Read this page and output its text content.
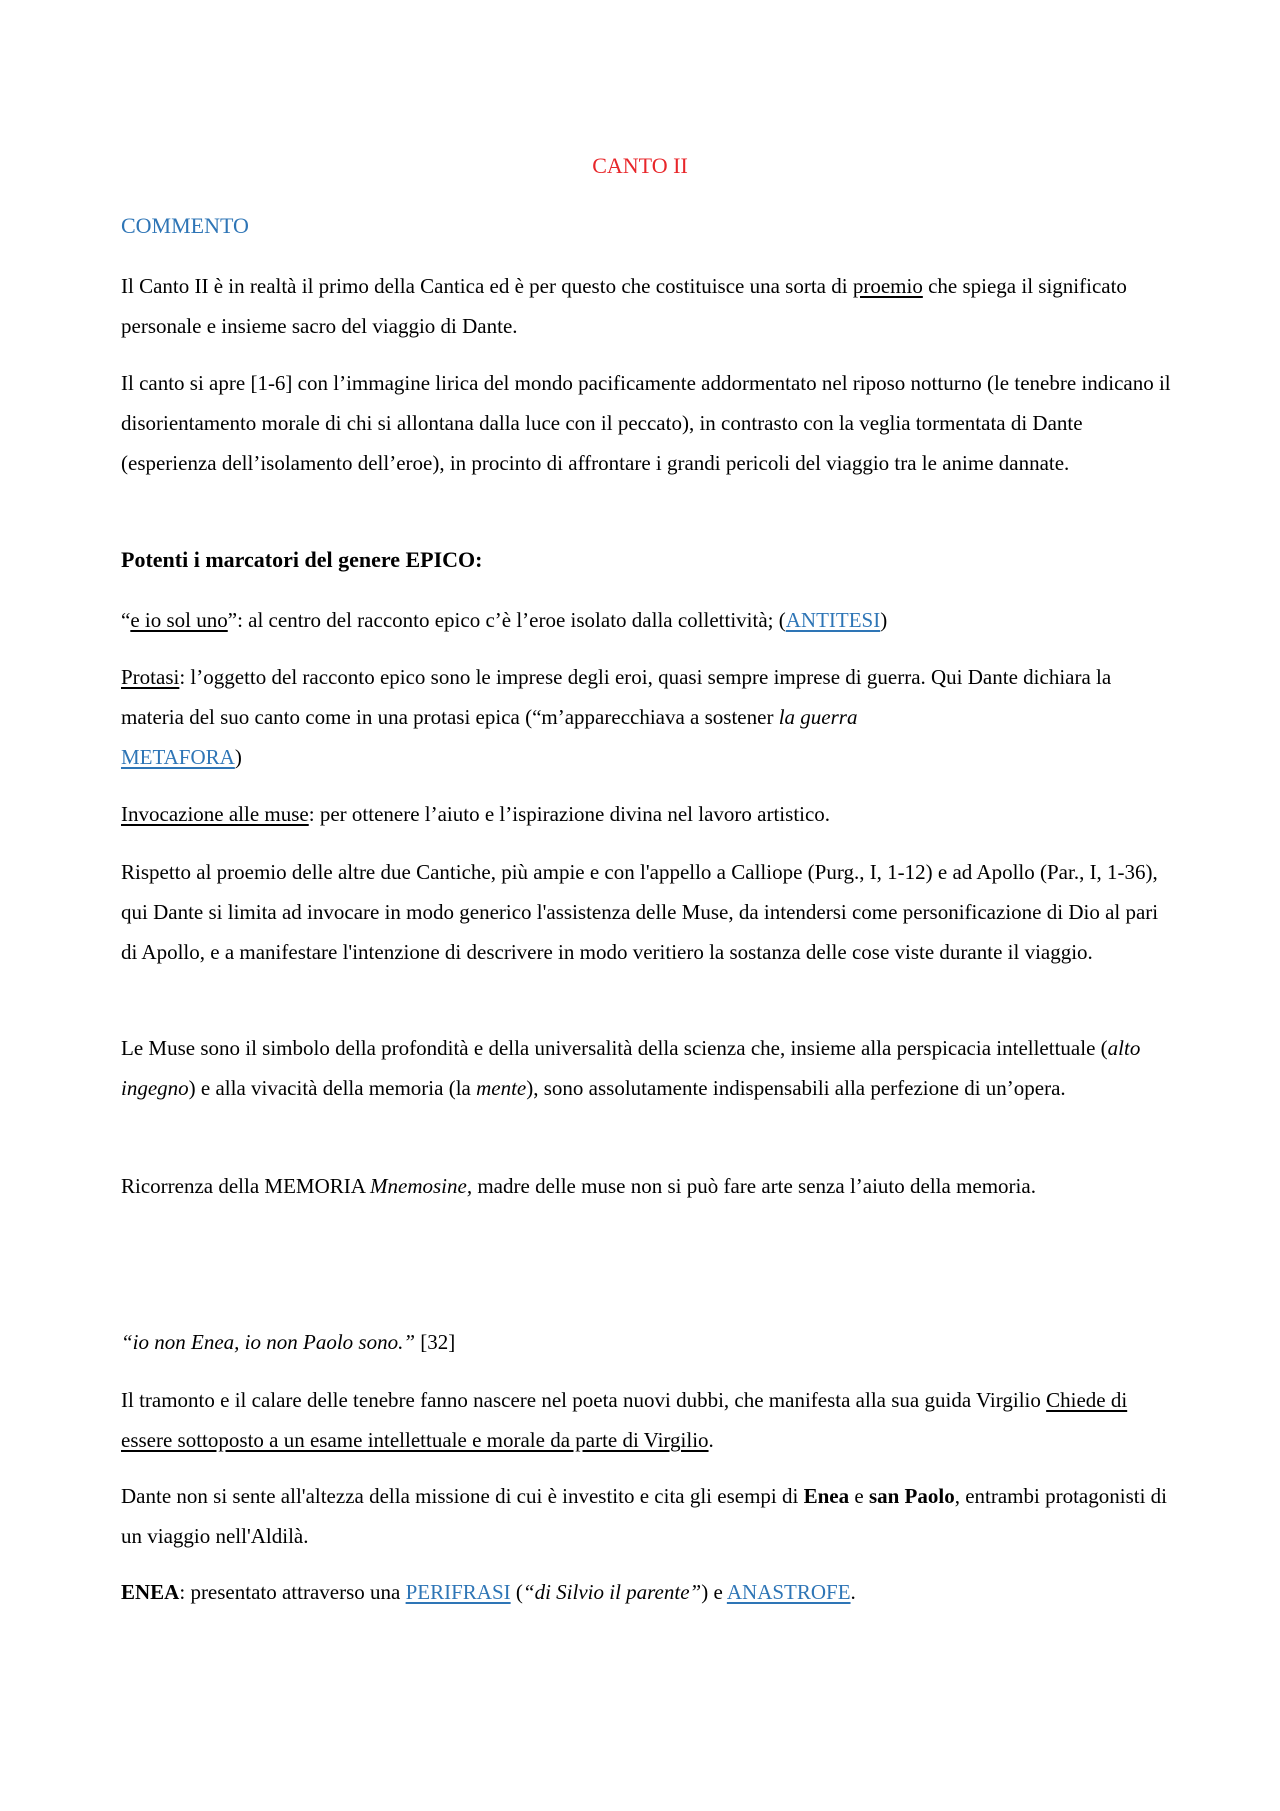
CANTO II

COMMENTO

Il Canto II è in realtà il primo della Cantica ed è per questo che costituisce una sorta di proemio che spiega il significato personale e insieme sacro del viaggio di Dante.

Il canto si apre [1-6] con l’immagine lirica del mondo pacificamente addormentato nel riposo notturno (le tenebre indicano il disorientamento morale di chi si allontana dalla luce con il peccato), in contrasto con la veglia tormentata di Dante (esperienza dell’isolamento dell’eroe), in procinto di affrontare i grandi pericoli del viaggio tra le anime dannate.

Potenti i marcatori del genere EPICO:

“e io sol uno”: al centro del racconto epico c’è l’eroe isolato dalla collettività; (ANTITESI)

Protasi: l’oggetto del racconto epico sono le imprese degli eroi, quasi sempre imprese di guerra. Qui Dante dichiara la materia del suo canto come in una protasi epica (“m’apparecchiava a sostener la guerra
METAFORA)

Invocazione alle muse: per ottenere l’aiuto e l’ispirazione divina nel lavoro artistico.

Rispetto al proemio delle altre due Cantiche, più ampie e con l'appello a Calliope (Purg., I, 1-12) e ad Apollo (Par., I, 1-36), qui Dante si limita ad invocare in modo generico l'assistenza delle Muse, da intendersi come personificazione di Dio al pari di Apollo, e a manifestare l'intenzione di descrivere in modo veritiero la sostanza delle cose viste durante il viaggio.

Le Muse sono il simbolo della profondità e della universalità della scienza che, insieme alla perspicacia intellettuale (alto ingegno) e alla vivacità della memoria (la mente), sono assolutamente indispensabili alla perfezione di un’opera.

Ricorrenza della MEMORIA Mnemosine, madre delle muse non si può fare arte senza l’aiuto della memoria.

“io non Enea, io non Paolo sono.” [32]

Il tramonto e il calare delle tenebre fanno nascere nel poeta nuovi dubbi, che manifesta alla sua guida Virgilio Chiede di essere sottoposto a un esame intellettuale e morale da parte di Virgilio.

Dante non si sente all'altezza della missione di cui è investito e cita gli esempi di Enea e san Paolo, entrambi protagonisti di un viaggio nell'Aldilà.

ENEA: presentato attraverso una PERIFRASI (“di Silvio il parente”) e ANASTROFE.
